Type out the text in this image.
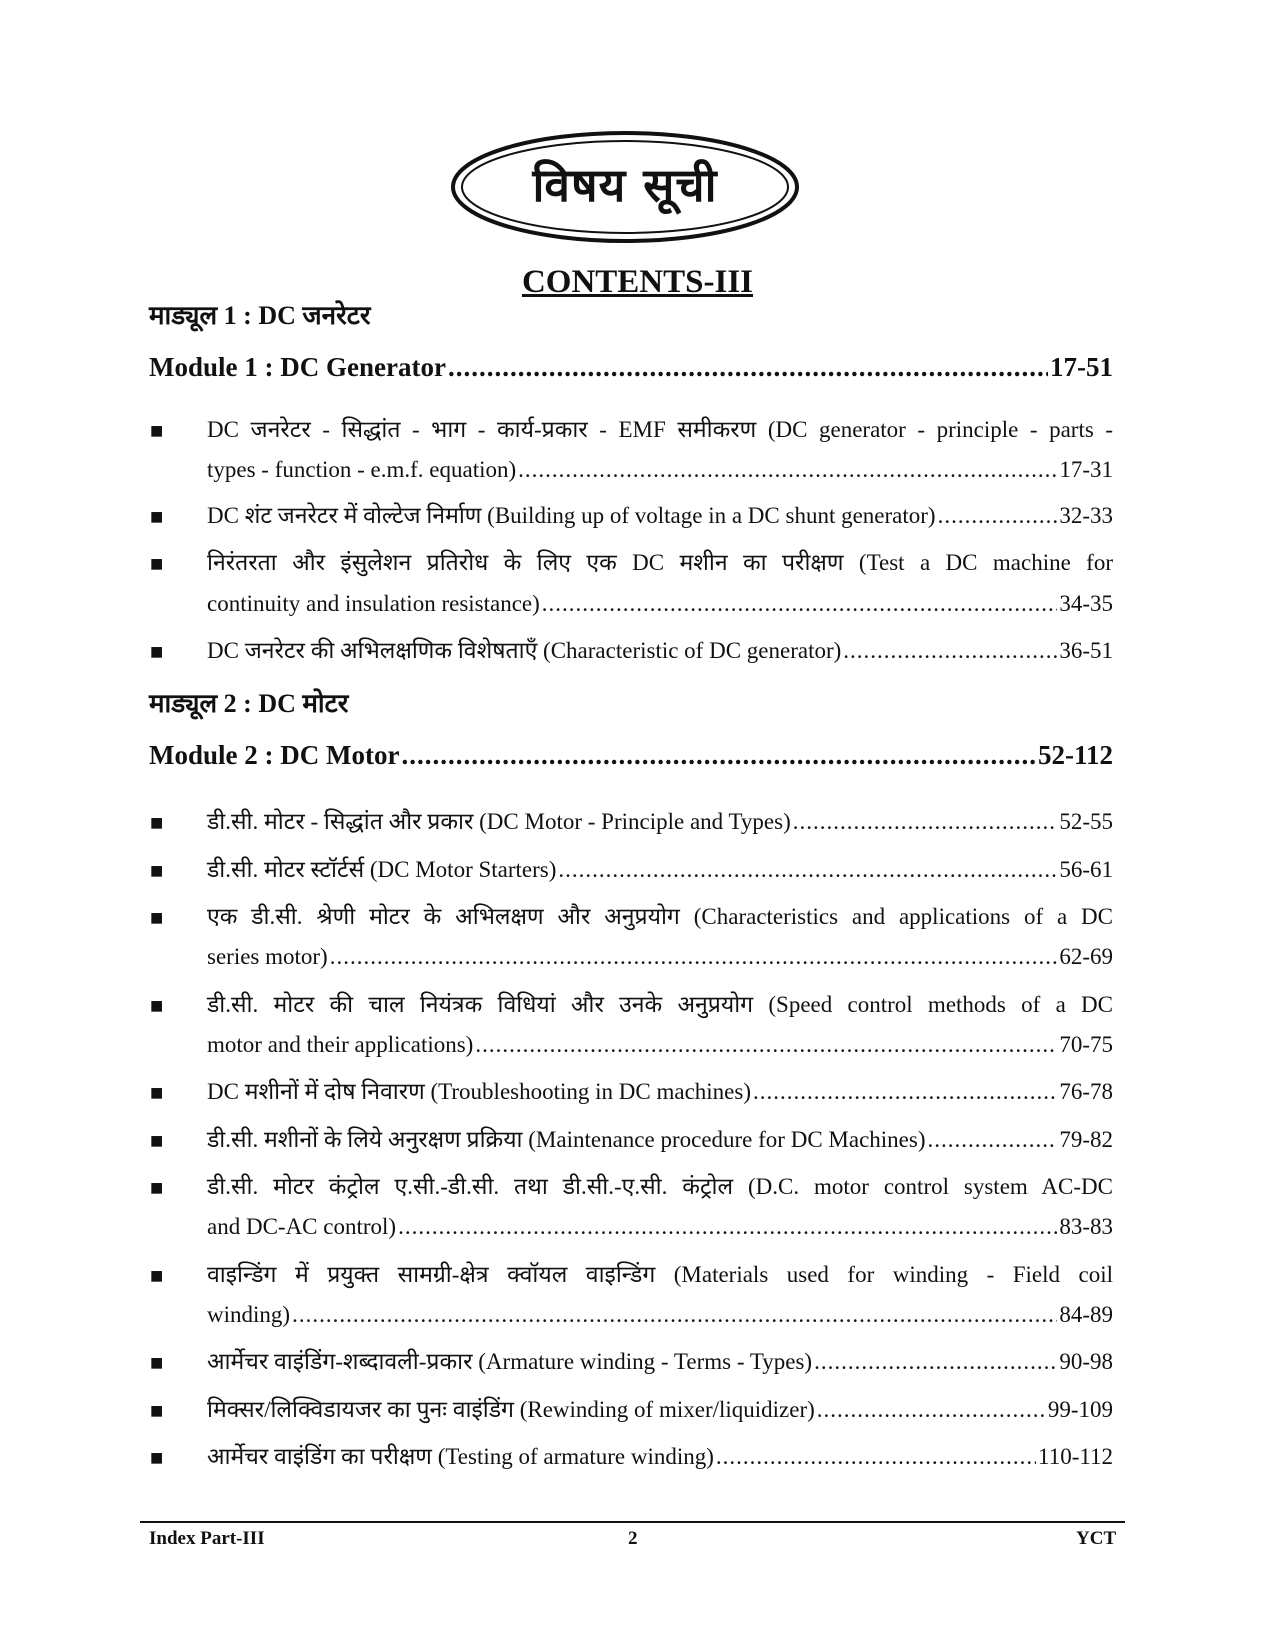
विषय सूची
CONTENTS-III
माड्यूल 1 : DC जनरेटर
Module 1 : DC Generator .....	17-51
■ DC जनरेटर - सिद्धांत - भाग - कार्य-प्रकार - EMF समीकरण (DC generator - principle - parts -
types - function - e.m.f. equation) .....	17-31
■ DC शंट जनरेटर में वोल्टेज निर्माण (Building up of voltage in a DC shunt generator) .....	32-33
■ निरंतरता और इंसुलेशन प्रतिरोध के लिए एक DC मशीन का परीक्षण (Test a DC machine for
continuity and insulation resistance) .....	34-35
■ DC जनरेटर की अभिलक्षणिक विशेषताएँ (Characteristic of DC generator) .....	36-51
माड्यूल 2 : DC मोटर
Module 2 : DC Motor .....	52-112
■ डी.सी. मोटर - सिद्धांत और प्रकार (DC Motor - Principle and Types) .....	52-55
■ डी.सी. मोटर स्टॉर्टर्स (DC Motor Starters) .....	56-61
■ एक डी.सी. श्रेणी मोटर के अभिलक्षण और अनुप्रयोग (Characteristics and applications of a DC
series motor) .....	62-69
■ डी.सी. मोटर की चाल नियंत्रक विधियां और उनके अनुप्रयोग (Speed control methods of a DC
motor and their applications) .....	70-75
■ DC मशीनों में दोष निवारण (Troubleshooting in DC machines) .....	76-78
■ डी.सी. मशीनों के लिये अनुरक्षण प्रक्रिया (Maintenance procedure for DC Machines) .....	79-82
■ डी.सी. मोटर कंट्रोल ए.सी.-डी.सी. तथा डी.सी.-ए.सी. कंट्रोल (D.C. motor control system AC-DC
and DC-AC control) .....	83-83
■ वाइन्डिंग में प्रयुक्त सामग्री-क्षेत्र क्वॉयल वाइन्डिंग (Materials used for winding - Field coil
winding) .....	84-89
■ आर्मेचर वाइंडिंग-शब्दावली-प्रकार (Armature winding - Terms - Types) .....	90-98
■ मिक्सर/लिक्विडायजर का पुनः वाइंडिंग (Rewinding of mixer/liquidizer) .....	99-109
■ आर्मेचर वाइंडिंग का परीक्षण (Testing of armature winding) .....	110-112
Index Part-III	2	YCT
